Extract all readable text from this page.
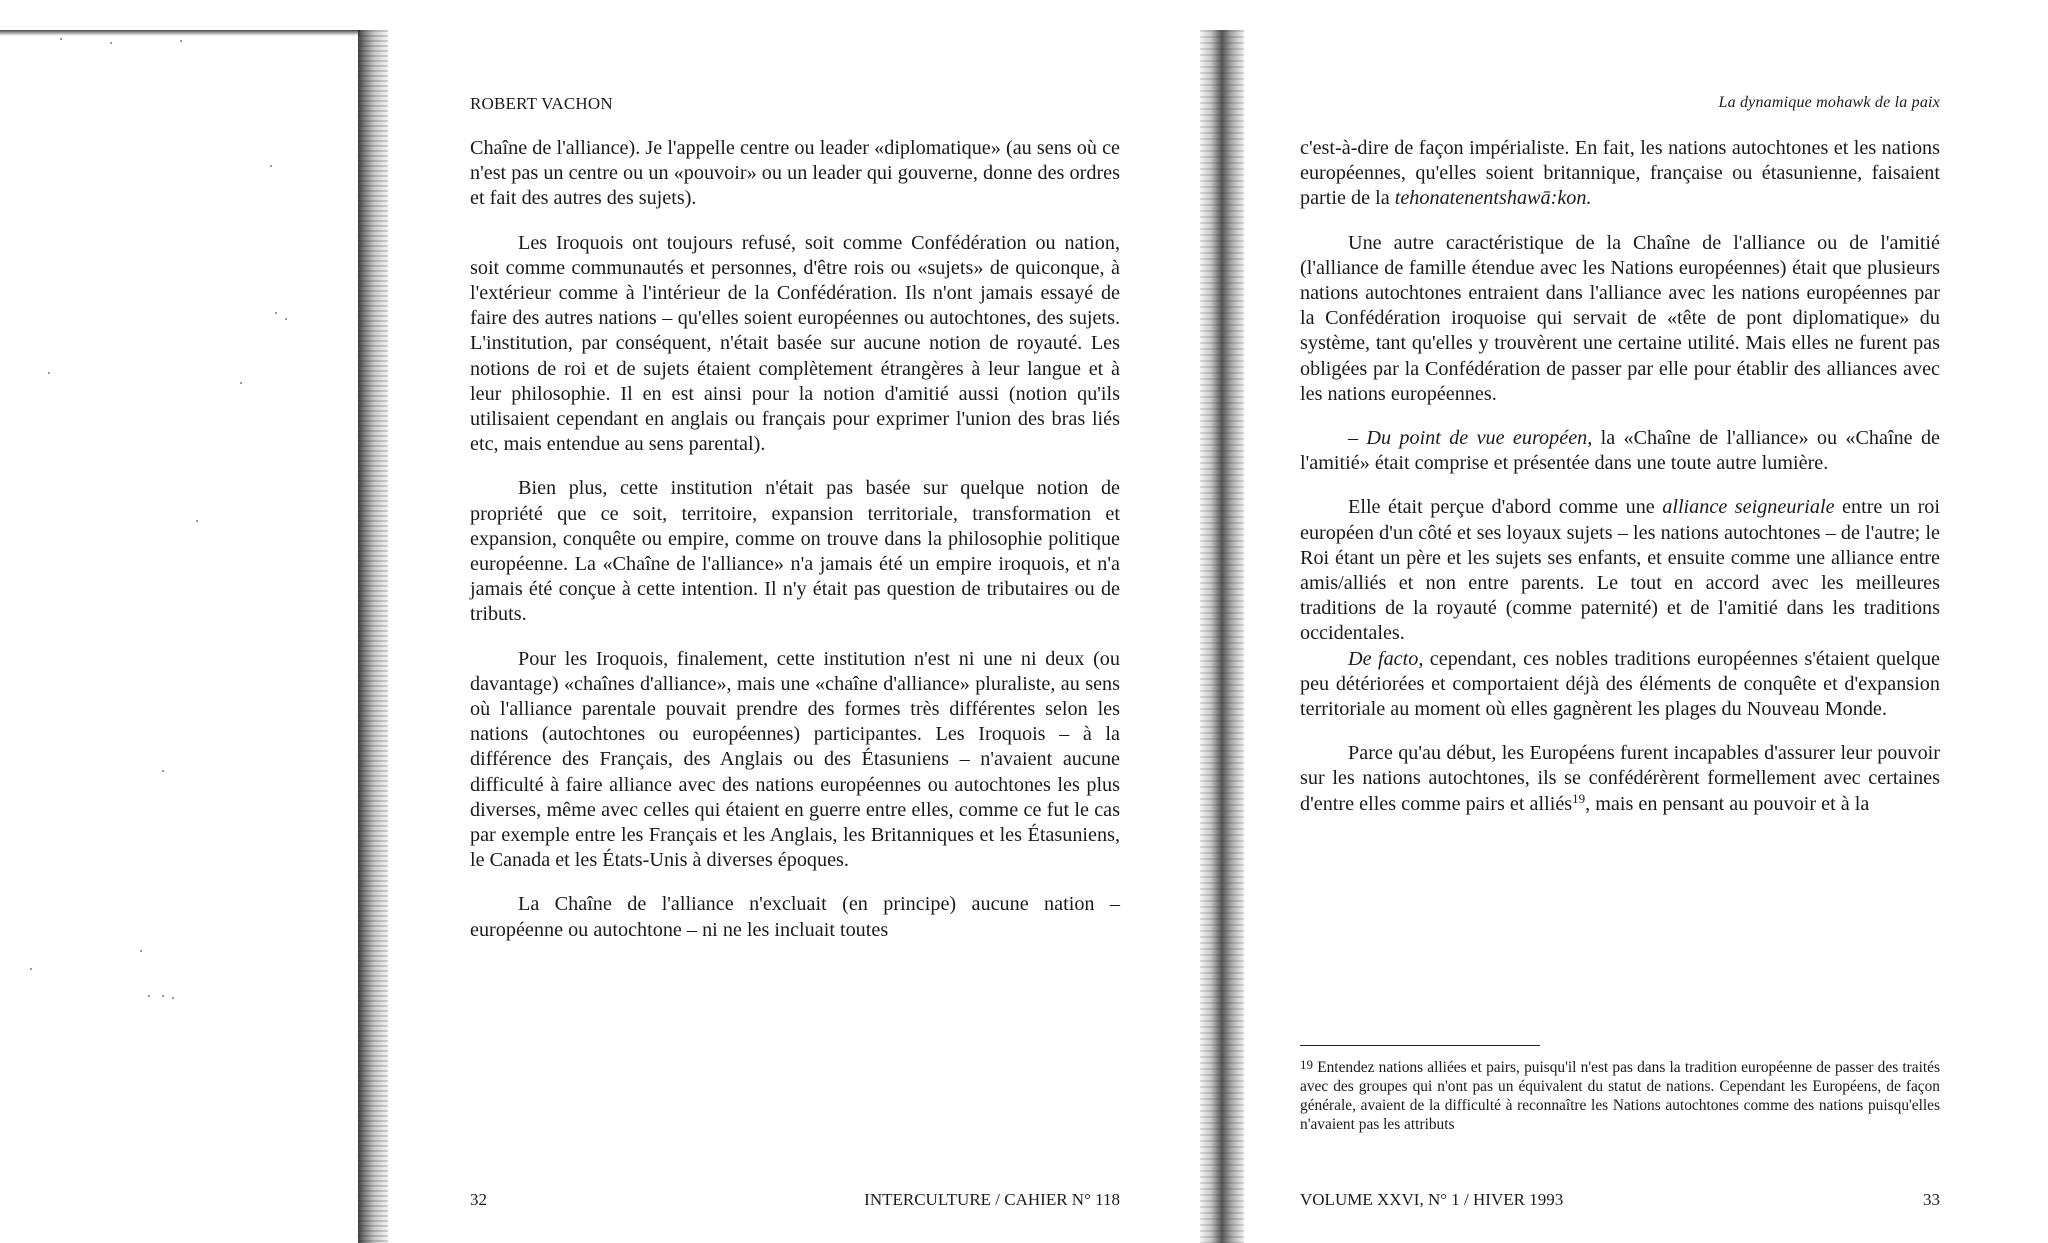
ROBERT VACHON

Chaîne de l'alliance). Je l'appelle centre ou leader «diplomatique» (au sens où ce n'est pas un centre ou un «pouvoir» ou un leader qui gouverne, donne des ordres et fait des autres des sujets).

Les Iroquois ont toujours refusé, soit comme Confédération ou nation, soit comme communautés et personnes, d'être rois ou «sujets» de quiconque, à l'extérieur comme à l'intérieur de la Confédération. Ils n'ont jamais essayé de faire des autres nations – qu'elles soient européennes ou autochtones, des sujets. L'institution, par conséquent, n'était basée sur aucune notion de royauté. Les notions de roi et de sujets étaient complètement étrangères à leur langue et à leur philosophie. Il en est ainsi pour la notion d'amitié aussi (notion qu'ils utilisaient cependant en anglais ou français pour exprimer l'union des bras liés etc, mais entendue au sens parental).

Bien plus, cette institution n'était pas basée sur quelque notion de propriété que ce soit, territoire, expansion territoriale, transformation et expansion, conquête ou empire, comme on trouve dans la philosophie politique européenne. La «Chaîne de l'alliance» n'a jamais été un empire iroquois, et n'a jamais été conçue à cette intention. Il n'y était pas question de tributaires ou de tributs.

Pour les Iroquois, finalement, cette institution n'est ni une ni deux (ou davantage) «chaînes d'alliance», mais une «chaîne d'alliance» pluraliste, au sens où l'alliance parentale pouvait prendre des formes très différentes selon les nations (autochtones ou européennes) participantes. Les Iroquois – à la différence des Français, des Anglais ou des Étasuniens – n'avaient aucune difficulté à faire alliance avec des nations européennes ou autochtones les plus diverses, même avec celles qui étaient en guerre entre elles, comme ce fut le cas par exemple entre les Français et les Anglais, les Britanniques et les Étasuniens, le Canada et les États-Unis à diverses époques.

La Chaîne de l'alliance n'excluait (en principe) aucune nation – européenne ou autochtone – ni ne les incluait toutes

32	INTERCULTURE / CAHIER N° 118
La dynamique mohawk de la paix

c'est-à-dire de façon impérialiste. En fait, les nations autochtones et les nations européennes, qu'elles soient britannique, française ou étasunienne, faisaient partie de la tehonatenentshawā:kon.

Une autre caractéristique de la Chaîne de l'alliance ou de l'amitié (l'alliance de famille étendue avec les Nations européennes) était que plusieurs nations autochtones entraient dans l'alliance avec les nations européennes par la Confédération iroquoise qui servait de «tête de pont diplomatique» du système, tant qu'elles y trouvèrent une certaine utilité. Mais elles ne furent pas obligées par la Confédération de passer par elle pour établir des alliances avec les nations européennes.

– Du point de vue européen, la «Chaîne de l'alliance» ou «Chaîne de l'amitié» était comprise et présentée dans une toute autre lumière.

Elle était perçue d'abord comme une alliance seigneuriale entre un roi européen d'un côté et ses loyaux sujets – les nations autochtones – de l'autre; le Roi étant un père et les sujets ses enfants, et ensuite comme une alliance entre amis/alliés et non entre parents. Le tout en accord avec les meilleures traditions de la royauté (comme paternité) et de l'amitié dans les traditions occidentales.

De facto, cependant, ces nobles traditions européennes s'étaient quelque peu détériorées et comportaient déjà des éléments de conquête et d'expansion territoriale au moment où elles gagnèrent les plages du Nouveau Monde.

Parce qu'au début, les Européens furent incapables d'assurer leur pouvoir sur les nations autochtones, ils se confédérèrent formellement avec certaines d'entre elles comme pairs et alliés$^{19}$, mais en pensant au pouvoir et à la

$^{19}$ Entendez nations alliées et pairs, puisqu'il n'est pas dans la tradition européenne de passer des traités avec des groupes qui n'ont pas un équivalent du statut de nations. Cependant les Européens, de façon générale, avaient de la difficulté à reconnaître les Nations autochtones comme des nations puisqu'elles n'avaient pas les attributs
VOLUME XXVI, N° 1 / HIVER 1993	33
